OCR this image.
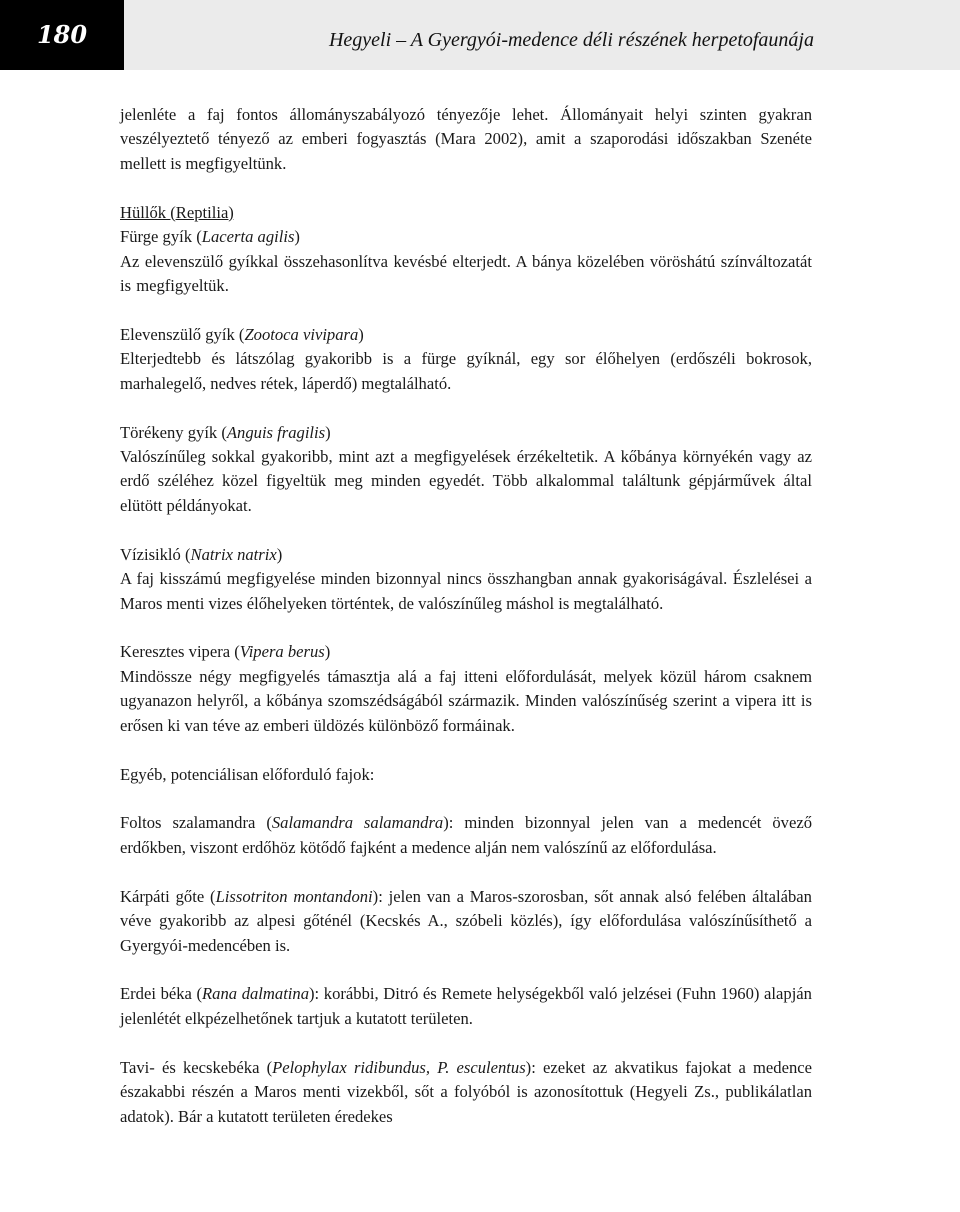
180	Hegyeli – A Gyergyói-medence déli részének herpetofaunája

jelenléte a faj fontos állományszabályozó tényezője lehet. Állományait helyi szinten gyakran veszélyeztető tényező az emberi fogyasztás (Mara 2002), amit a szaporodási időszakban Szenéte mellett is megfigyeltünk.

Hüllők (Reptilia)

Fürge gyík (Lacerta agilis)

Az elevenszülő gyíkkal összehasonlítva kevésbé elterjedt. A bánya közelében vöröshátú színváltozatát is megfigyeltük.

Elevenszülő gyík (Zootoca vivipara)

Elterjedtebb és látszólag gyakoribb is a fürge gyíknál, egy sor élőhelyen (erdőszéli bokrosok, marhalegelő, nedves rétek, láperdő) megtalálható.

Törékeny gyík (Anguis fragilis)

Valószínűleg sokkal gyakoribb, mint azt a megfigyelések érzékeltetik. A kőbánya környékén vagy az erdő széléhez közel figyeltük meg minden egyedét. Több alkalommal találtunk gépjárművek által elütött példányokat.

Vízisikló (Natrix natrix)

A faj kisszámú megfigyelése minden bizonnyal nincs összhangban annak gyakoriságával. Észlelései a Maros menti vizes élőhelyeken történtek, de valószínűleg máshol is megtalálható.

Keresztes vipera (Vipera berus)

Mindössze négy megfigyelés támasztja alá a faj itteni előfordulását, melyek közül három csaknem ugyanazon helyről, a kőbánya szomszédságából származik. Minden valószínűség szerint a vipera itt is erősen ki van téve az emberi üldözés különböző formáinak.

Egyéb, potenciálisan előforduló fajok:

Foltos szalamandra (Salamandra salamandra): minden bizonnyal jelen van a medencét övező erdőkben, viszont erdőhöz kötődő fajként a medence alján nem valószínű az előfordulása.

Kárpáti gőte (Lissotriton montandoni): jelen van a Maros-szorosban, sőt annak alsó felében általában véve gyakoribb az alpesi gőténél (Kecskés A., szóbeli közlés), így előfordulása valószínűsíthető a Gyergyói-medencében is.

Erdei béka (Rana dalmatina): korábbi, Ditró és Remete helységekből való jelzései (Fuhn 1960) alapján jelenlétét elkpézelhetőnek tartjuk a kutatott területen.

Tavi- és kecskebéka (Pelophylax ridibundus, P. esculentus): ezeket az akvatikus fajokat a medence északabbi részén a Maros menti vizekből, sőt a folyóból is azonosítottuk (Hegyeli Zs., publikálatlan adatok). Bár a kutatott területen éredekes
